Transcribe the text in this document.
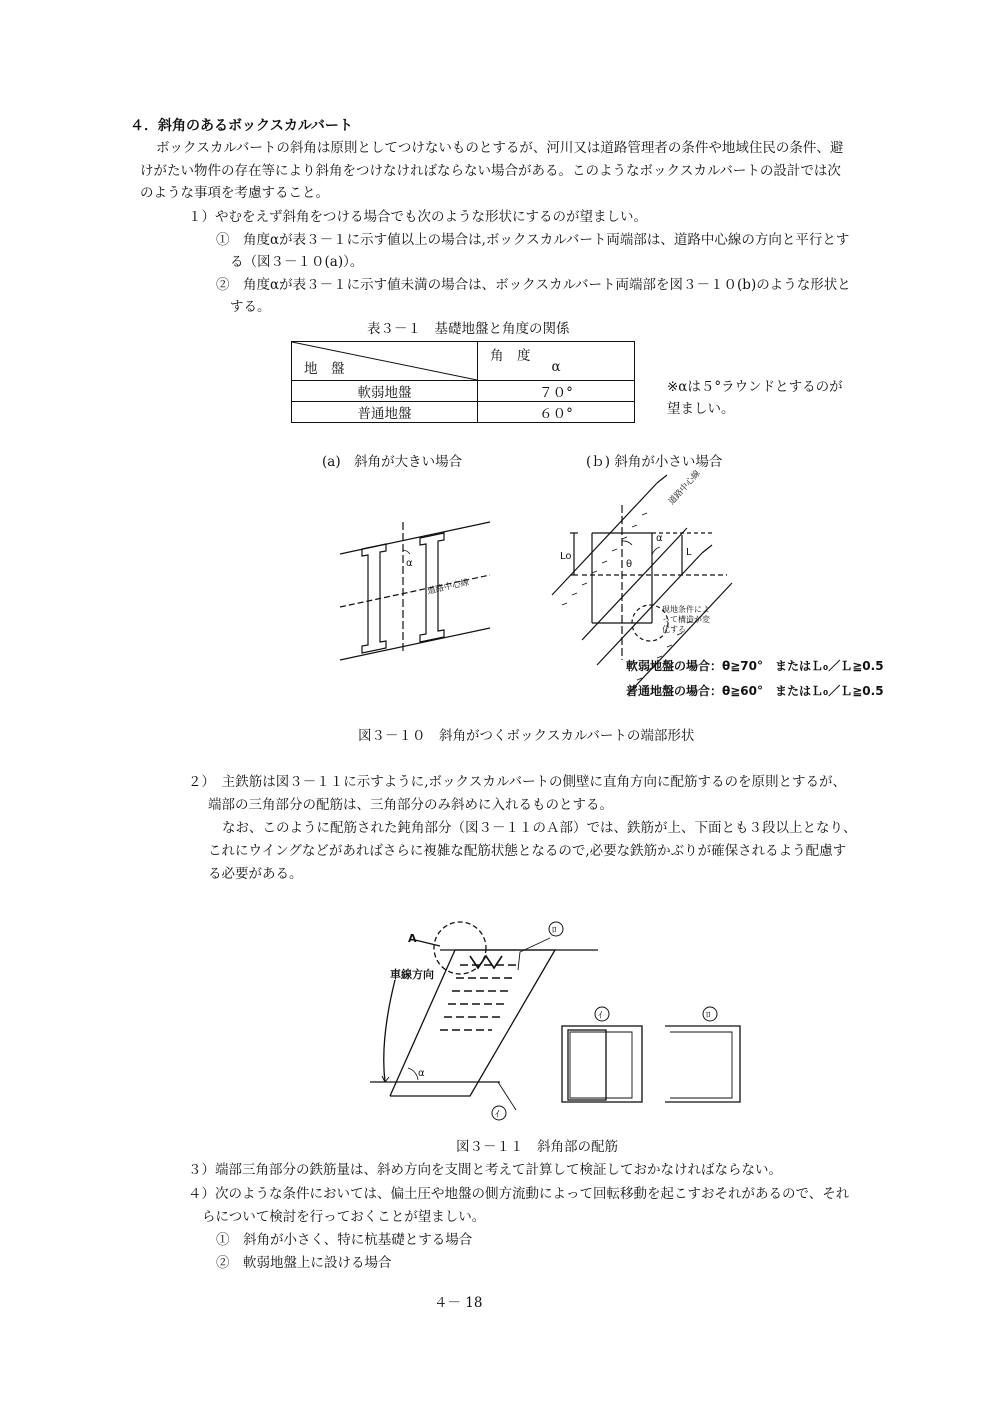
４．斜角のあるボックスカルバート
ボックスカルバートの斜角は原則としてつけないものとするが、河川又は道路管理者の条件や地域住民の条件、避
けがたい物件の存在等により斜角をつけなければならない場合がある。このようなボックスカルバートの設計では次
のような事項を考慮すること。
１）やむをえず斜角をつける場合でも次のような形状にするのが望ましい。
①　角度αが表３－１に示す値以上の場合は,ボックスカルバート両端部は、道路中心線の方向と平行とす
る（図３－１０(a)）。
②　角度αが表３－１に示す値未満の場合は、ボックスカルバート両端部を図３－１０(b)のような形状と
する。
表３－１　基礎地盤と角度の関係
地　盤	角　度
α

軟弱地盤	７０°
普通地盤	６０°
※αは５°ラウンドとするのが
望ましい。
(a)　斜角が大きい場合	(ｂ) 斜角が小さい場合
α
道路中心線
Lo	L
α
θ
道路中心線
現地条件によ
って構造が変
化する
軟弱地盤の場合：θ≧70°　またはＬ₀／Ｌ≧0.5
普通地盤の場合：θ≧60°　またはＬ₀／Ｌ≧0.5
図３－１０　斜角がつくボックスカルバートの端部形状
２）　主鉄筋は図３－１１に示すように,ボックスカルバートの側壁に直角方向に配筋するのを原則とするが、
端部の三角部分の配筋は、三角部分のみ斜めに入れるものとする。
なお、このように配筋された鈍角部分（図３－１１のＡ部）では、鉄筋が上、下面とも３段以上となり、
これにウイングなどがあればさらに複雑な配筋状態となるので,必要な鉄筋かぶりが確保されるよう配慮す
る必要がある。
A
車線方向
α
ﾛ
ｲ	ﾛ
ｲ
図３－１１　斜角部の配筋
３）端部三角部分の鉄筋量は、斜め方向を支間と考えて計算して検証しておかなければならない。
４）次のような条件においては、偏土圧や地盤の側方流動によって回転移動を起こすおそれがあるので、それ
らについて検討を行っておくことが望ましい。
①　斜角が小さく、特に杭基礎とする場合
②　軟弱地盤上に設ける場合
４－ 18
